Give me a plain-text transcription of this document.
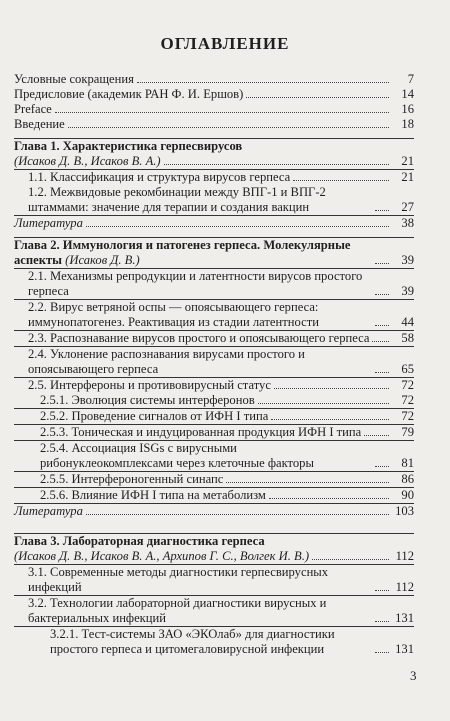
ОГЛАВЛЕНИЕ
Условные сокращения	7
Предисловие (академик РАН Ф. И. Ершов)	14
Preface	16
Введение	18
Глава 1. Характеристика герпесвирусов
(Исаков Д. В., Исаков В. А.)	21
1.1. Классификация и структура вирусов герпеса	21
1.2. Межвидовые рекомбинации между ВПГ-1 и ВПГ-2 штаммами: значение для терапии и создания вакцин	27
Литература	38
Глава 2. Иммунология и патогенез герпеса. Молекулярные аспекты (Исаков Д. В.)	39
2.1. Механизмы репродукции и латентности вирусов простого герпеса	39
2.2. Вирус ветряной оспы — опоясывающего герпеса: иммунопатогенез. Реактивация из стадии латентности	44
2.3. Распознавание вирусов простого и опоясывающего герпеса	58
2.4. Уклонение распознавания вирусами простого и опоясывающего герпеса	65
2.5. Интерфероны и противовирусный статус	72
2.5.1. Эволюция системы интерферонов	72
2.5.2. Проведение сигналов от ИФН I типа	72
2.5.3. Тоническая и индуцированная продукция ИФН I типа	79
2.5.4. Ассоциация ISGs с вирусными рибонуклеокомплексами через клеточные факторы	81
2.5.5. Интерфероногенный синапс	86
2.5.6. Влияние ИФН I типа на метаболизм	90
Литература	103
Глава 3. Лабораторная диагностика герпеса
(Исаков Д. В., Исаков В. А., Архипов Г. С., Волгек И. В.)	112
3.1. Современные методы диагностики герпесвирусных инфекций	112
3.2. Технологии лабораторной диагностики вирусных и бактериальных инфекций	131
3.2.1. Тест-системы ЗАО «ЭКОлаб» для диагностики простого герпеса и цитомегаловирусной инфекции	131
3
